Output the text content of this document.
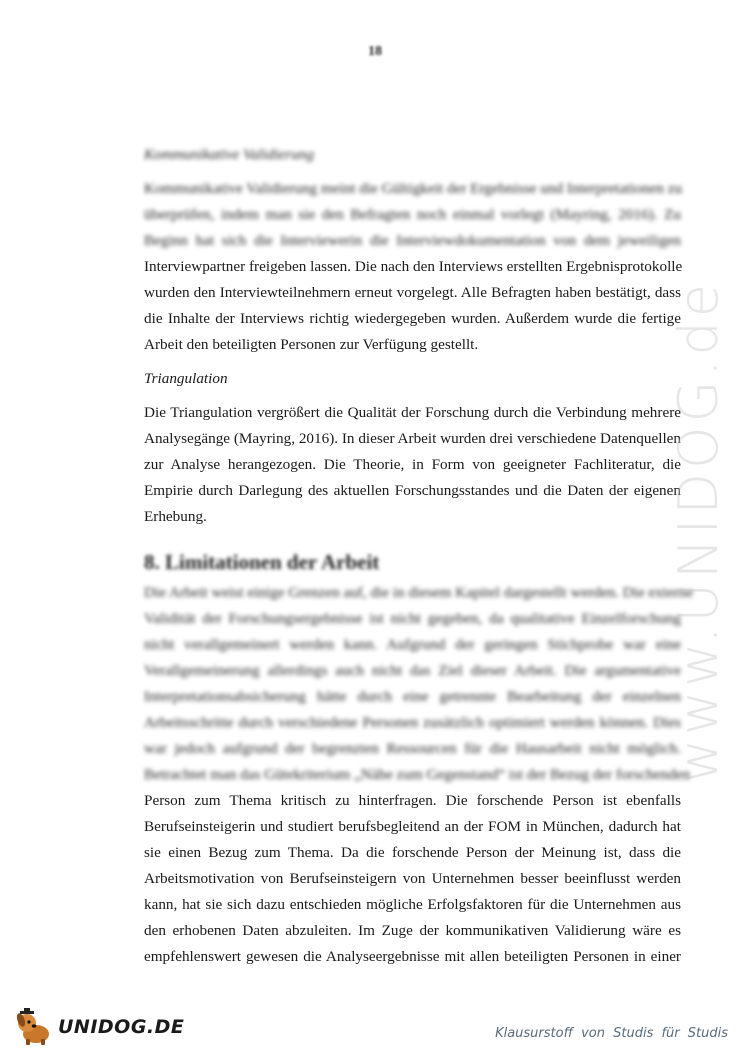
18
Kommunikative Validierung
Kommunikative Validierung meint die Gültigkeit der Ergebnisse und Interpretationen zu
überprüfen, indem man sie den Befragten noch einmal vorlegt (Mayring, 2016). Zu
Beginn hat sich die Interviewerin die Interviewdokumentation von dem jeweiligen
Interviewpartner freigeben lassen. Die nach den Interviews erstellten Ergebnisprotokolle
wurden den Interviewteilnehmern erneut vorgelegt. Alle Befragten haben bestätigt, dass
die Inhalte der Interviews richtig wiedergegeben wurden. Außerdem wurde die fertige
Arbeit den beteiligten Personen zur Verfügung gestellt.
Triangulation
Die Triangulation vergrößert die Qualität der Forschung durch die Verbindung mehrere
Analysegänge (Mayring, 2016). In dieser Arbeit wurden drei verschiedene Datenquellen
zur Analyse herangezogen. Die Theorie, in Form von geeigneter Fachliteratur, die
Empirie durch Darlegung des aktuellen Forschungsstandes und die Daten der eigenen
Erhebung.
8. Limitationen der Arbeit
Die Arbeit weist einige Grenzen auf, die in diesem Kapitel dargestellt werden. Die externe
Validität der Forschungsergebnisse ist nicht gegeben, da qualitative Einzelforschung
nicht verallgemeinert werden kann. Aufgrund der geringen Stichprobe war eine
Verallgemeinerung allerdings auch nicht das Ziel dieser Arbeit. Die argumentative
Interpretationsabsicherung hätte durch eine getrennte Bearbeitung der einzelnen
Arbeitsschritte durch verschiedene Personen zusätzlich optimiert werden können. Dies
war jedoch aufgrund der begrenzten Ressourcen für die Hausarbeit nicht möglich.
Betrachtet man das Gütekriterium „Nähe zum Gegenstand“ ist der Bezug der forschenden
Person zum Thema kritisch zu hinterfragen. Die forschende Person ist ebenfalls
Berufseinsteigerin und studiert berufsbegleitend an der FOM in München, dadurch hat
sie einen Bezug zum Thema. Da die forschende Person der Meinung ist, dass die
Arbeitsmotivation von Berufseinsteigern von Unternehmen besser beeinflusst werden
kann, hat sie sich dazu entschieden mögliche Erfolgsfaktoren für die Unternehmen aus
den erhobenen Daten abzuleiten. Im Zuge der kommunikativen Validierung wäre es
empfehlenswert gewesen die Analyseergebnisse mit allen beteiligten Personen in einer
www.UNIDOG.de
UNIDOG.DE	Klausurstoff von Studis für Studis
